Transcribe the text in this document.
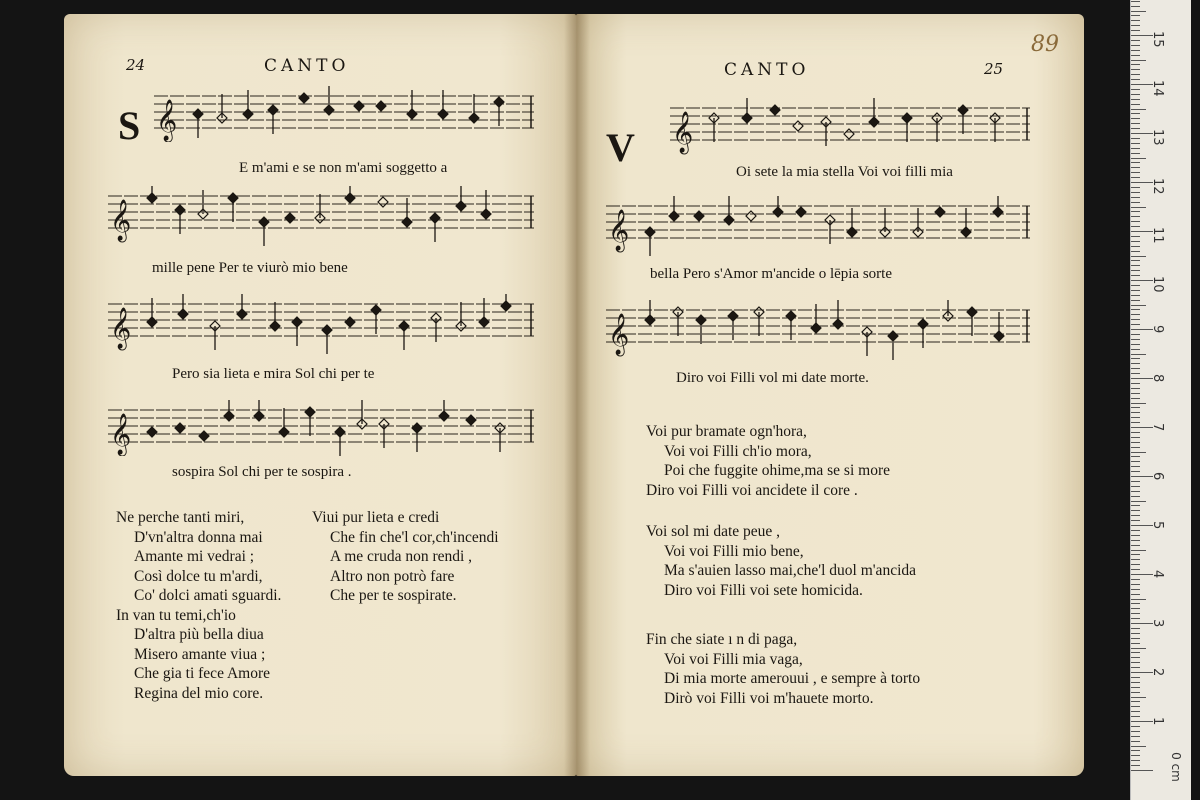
24	CANTO	25
CANTO
89
S	V
𝄞
E m'ami e se non m'ami soggetto a
𝄞
mille pene Per te viurò mio bene
𝄞
Pero sia lieta e mira Sol chi per te
𝄞
sospira Sol chi per te sospira .
Ne perche tanti miri,
D'vn'altra donna mai
Amante mi vedrai ;
Così dolce tu m'ardi,
Co' dolci amati sguardi.
In van tu temi,ch'io
D'altra più bella diua
Misero amante viua ;
Che gia ti fece Amore
Regina del mio core.
Viui pur lieta e credi
Che fin che'l cor,ch'incendi
A me cruda non rendi ,
Altro non potrò fare
Che per te sospirate.
𝄞
Oi sete la mia stella Voi voi filli mia
𝄞
bella Pero s'Amor m'ancide o lēpia sorte
𝄞
Diro voi Filli vol mi date morte.
Voi pur bramate ogn'hora,
Voi voi Filli ch'io mora,
Poi che fuggite ohime,ma se si more
Diro voi Filli voi ancidete il core .
Voi sol mi date peue ,
Voi voi Filli mio bene,
Ma s'auien lasso mai,che'l duol m'ancida
Diro voi Filli voi sete homicida.
Fin che siate ı n di paga,
Voi voi Filli mia vaga,
Di mia morte amerouui , e sempre à torto
Dirò voi Filli voi m'hauete morto.
0 cm
1
2
3
4
5
6
7
8
9
10
11
12
13
14
15
